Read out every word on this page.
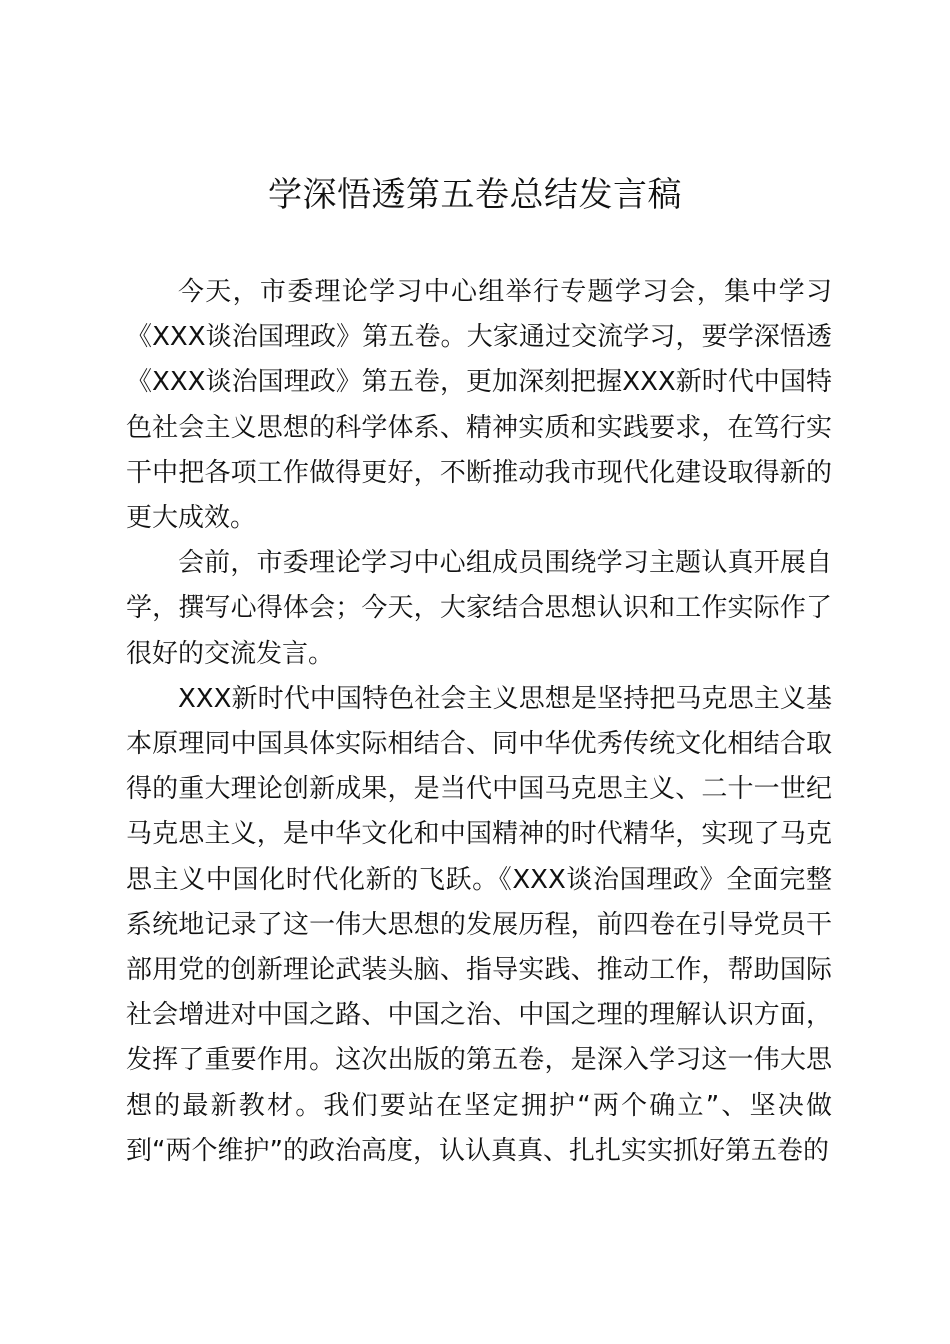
学深悟透第五卷总结发言稿

今天，市委理论学习中心组举行专题学习会，集中学习《XXX谈治国理政》第五卷。大家通过交流学习，要学深悟透《XXX谈治国理政》第五卷，更加深刻把握XXX新时代中国特色社会主义思想的科学体系、精神实质和实践要求，在笃行实干中把各项工作做得更好，不断推动我市现代化建设取得新的更大成效。

会前，市委理论学习中心组成员围绕学习主题认真开展自学，撰写心得体会；今天，大家结合思想认识和工作实际作了很好的交流发言。

XXX新时代中国特色社会主义思想是坚持把马克思主义基本原理同中国具体实际相结合、同中华优秀传统文化相结合取得的重大理论创新成果，是当代中国马克思主义、二十一世纪马克思主义，是中华文化和中国精神的时代精华，实现了马克思主义中国化时代化新的飞跃。《XXX谈治国理政》全面完整系统地记录了这一伟大思想的发展历程，前四卷在引导党员干部用党的创新理论武装头脑、指导实践、推动工作，帮助国际社会增进对中国之路、中国之治、中国之理的理解认识方面，发挥了重要作用。这次出版的第五卷，是深入学习这一伟大思想的最新教材。我们要站在坚定拥护“两个确立”、坚决做到“两个维护”的政治高度，认认真真、扎扎实实抓好第五卷的
